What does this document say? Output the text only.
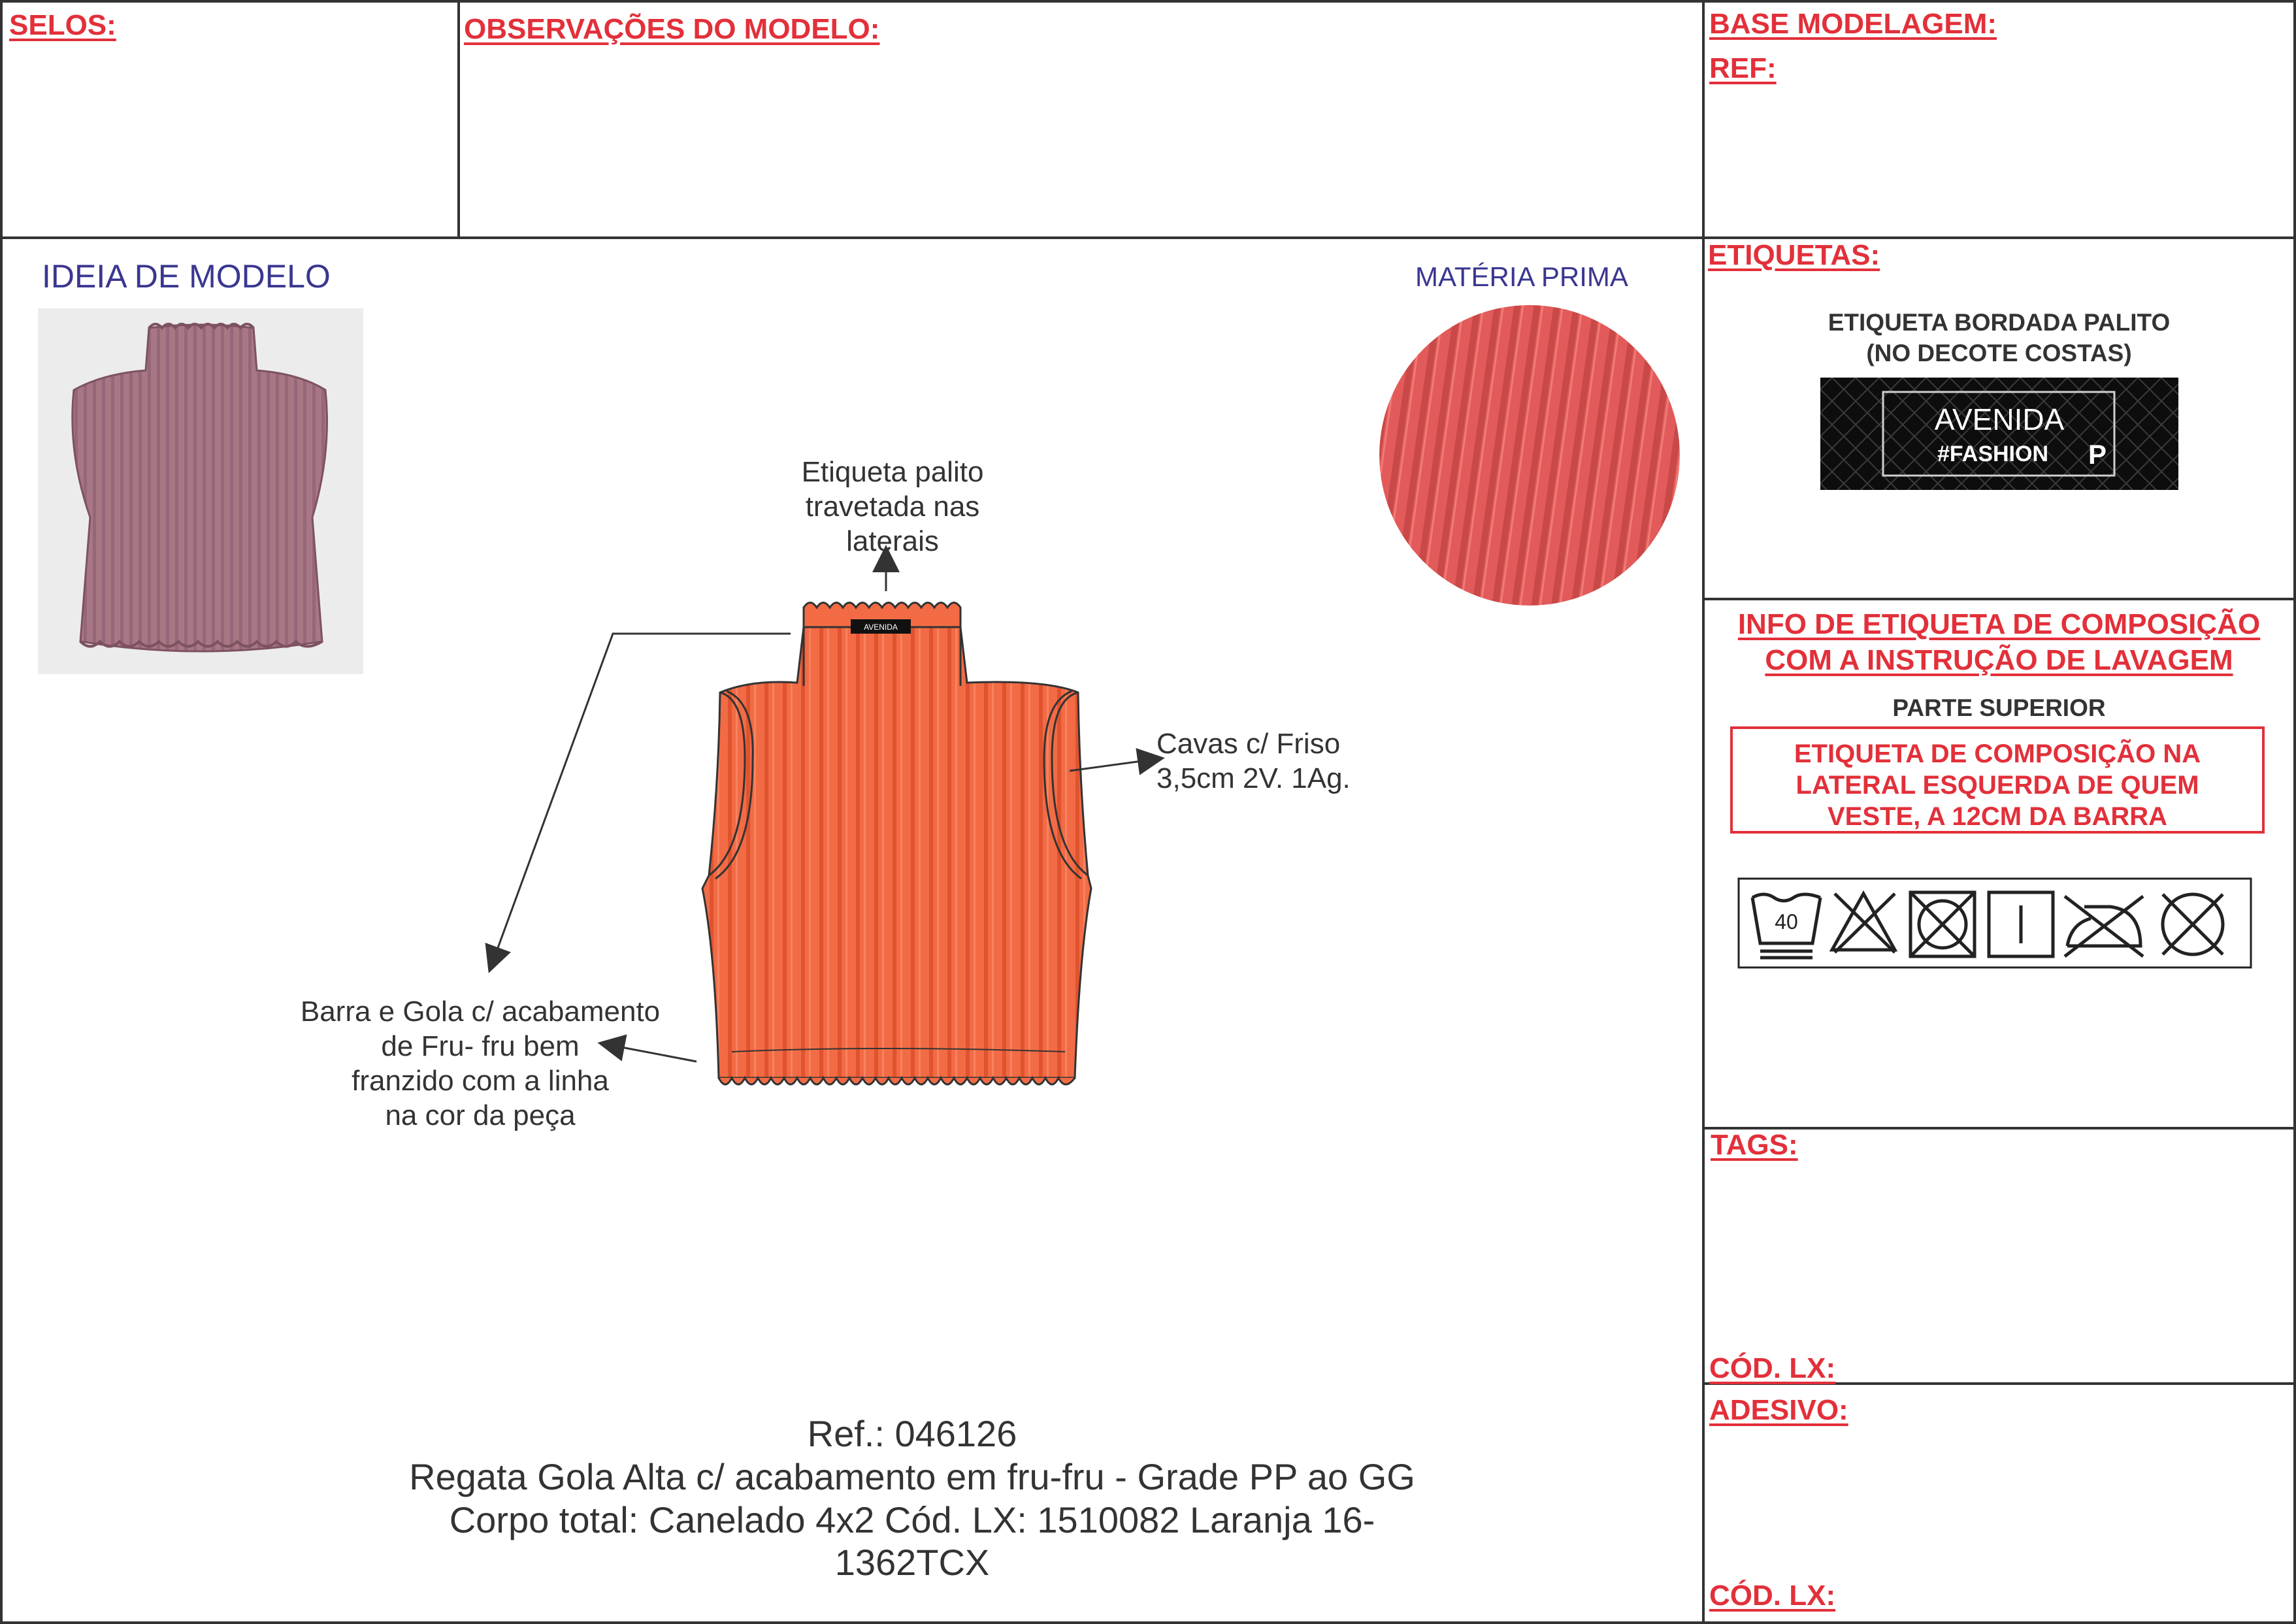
SELOS:	OBSERVAÇÕES DO MODELO:	BASE MODELAGEM:
REF:
IDEIA DE MODELO	MATÉRIA PRIMA
AVENIDA
Etiqueta palito
travetada nas
laterais
Cavas c/ Friso
3,5cm 2V. 1Ag.
Barra e Gola c/ acabamento
de Fru- fru bem
franzido com a linha
na cor da peça
Ref.: 046126
Regata Gola Alta c/ acabamento em fru-fru - Grade PP ao GG
Corpo total: Canelado 4x2 Cód. LX: 1510082 Laranja 16-1362TCX
ETIQUETAS:
ETIQUETA BORDADA PALITO
(NO DECOTE COSTAS)
AVENIDA
#FASHION P
INFO DE ETIQUETA DE COMPOSIÇÃO
COM A INSTRUÇÃO DE LAVAGEM
PARTE SUPERIOR
ETIQUETA DE COMPOSIÇÃO NA
LATERAL ESQUERDA DE QUEM
VESTE, A 12CM DA BARRA
40
TAGS:
CÓD. LX:
ADESIVO:
CÓD. LX:
